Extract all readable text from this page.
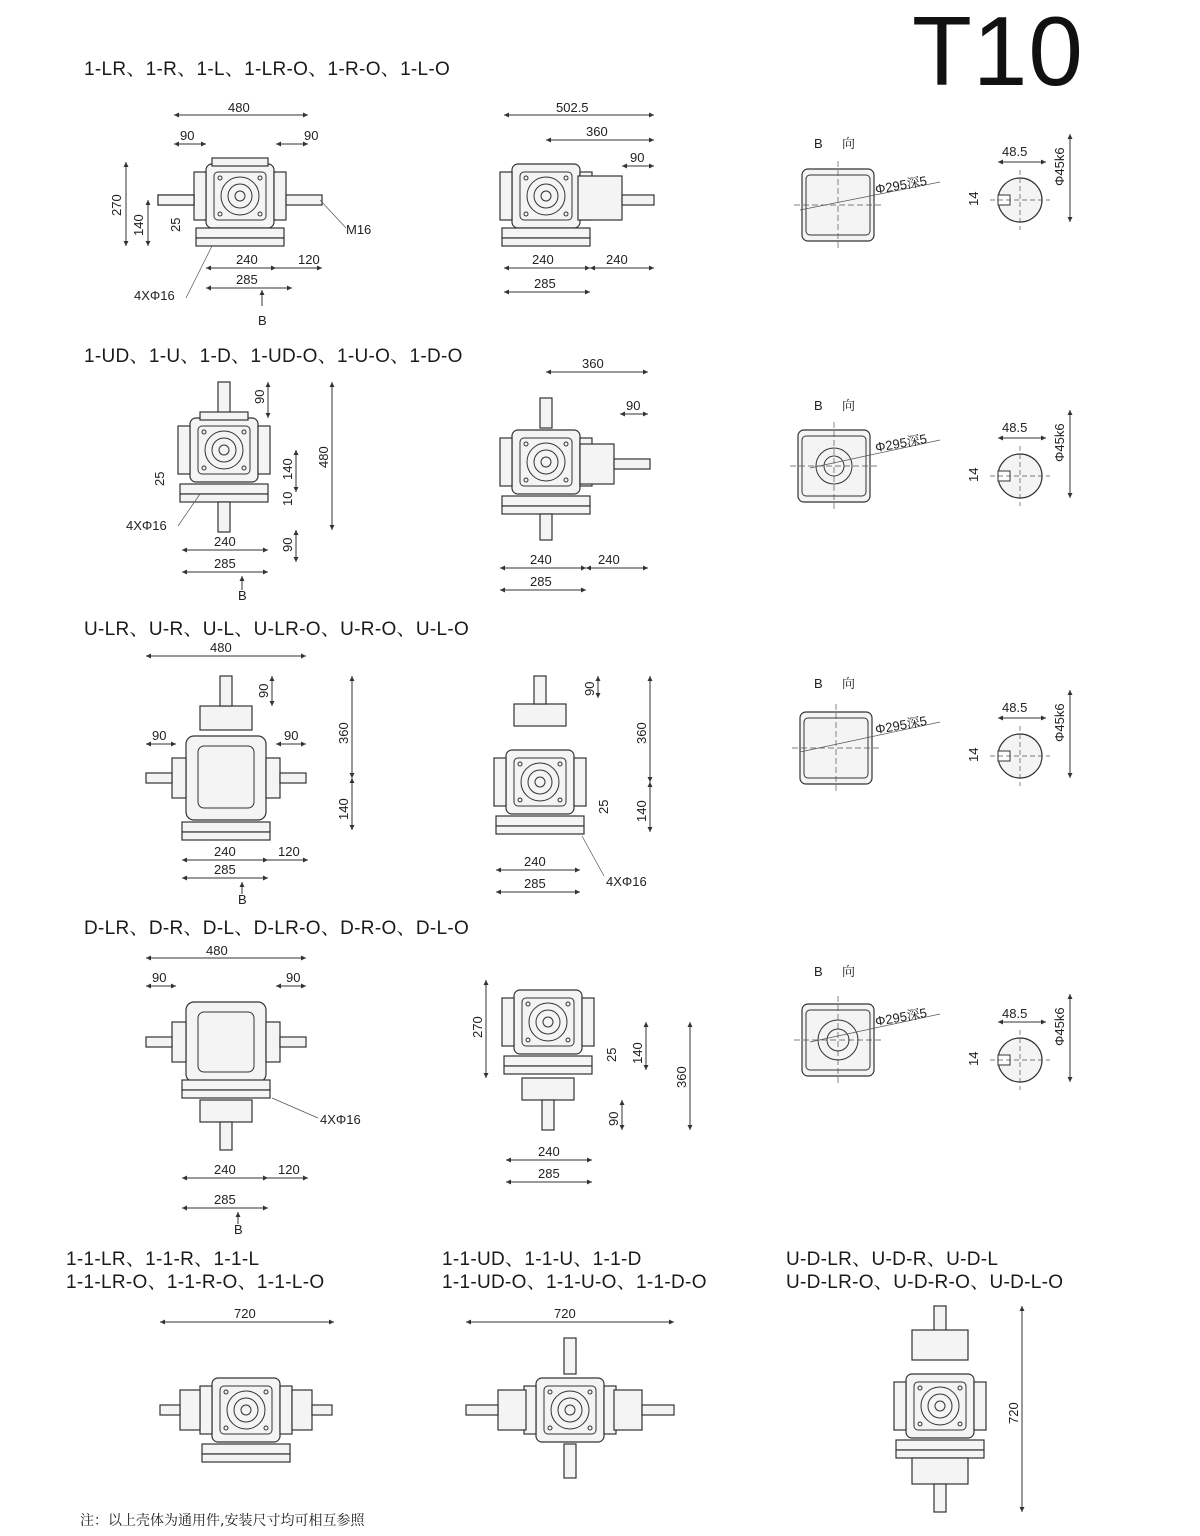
T10
1-LR、1-R、1-L、1-LR-O、1-R-O、1-L-O
1-UD、1-U、1-D、1-UD-O、1-U-O、1-D-O
U-LR、U-R、U-L、U-LR-O、U-R-O、U-L-O
D-LR、D-R、D-L、D-LR-O、D-R-O、D-L-O
1-1-LR、1-1-R、1-1-L
1-1-LR-O、1-1-R-O、1-1-L-O
1-1-UD、1-1-U、1-1-D
1-1-UD-O、1-1-U-O、1-1-D-O
U-D-LR、U-D-R、U-D-L
U-D-LR-O、U-D-R-O、U-D-L-O
注：以上壳体为通用件,安装尺寸均可相互参照
480
90	90
270
140 25
240	120
285
4XΦ16
M16
B
502.5
360
90
240	240
285
B 向
Φ295深5
48.5 Φ45k6
14
90
480
140
10
90
25
240
285
4XΦ16
B
360
90
240	240
285
B 向
Φ295深5
48.5 Φ45k6
14
480
90	90
90
360
140
240	120
285
B
90
360
140
25
240
285	4XΦ16
B 向
Φ295深5
48.5 Φ45k6
14
480
90	90
4XΦ16
240	120
285
B
270
140
25
360
90
240
285
B 向
Φ295深5	48.5 Φ45k6
14
720	720
720
